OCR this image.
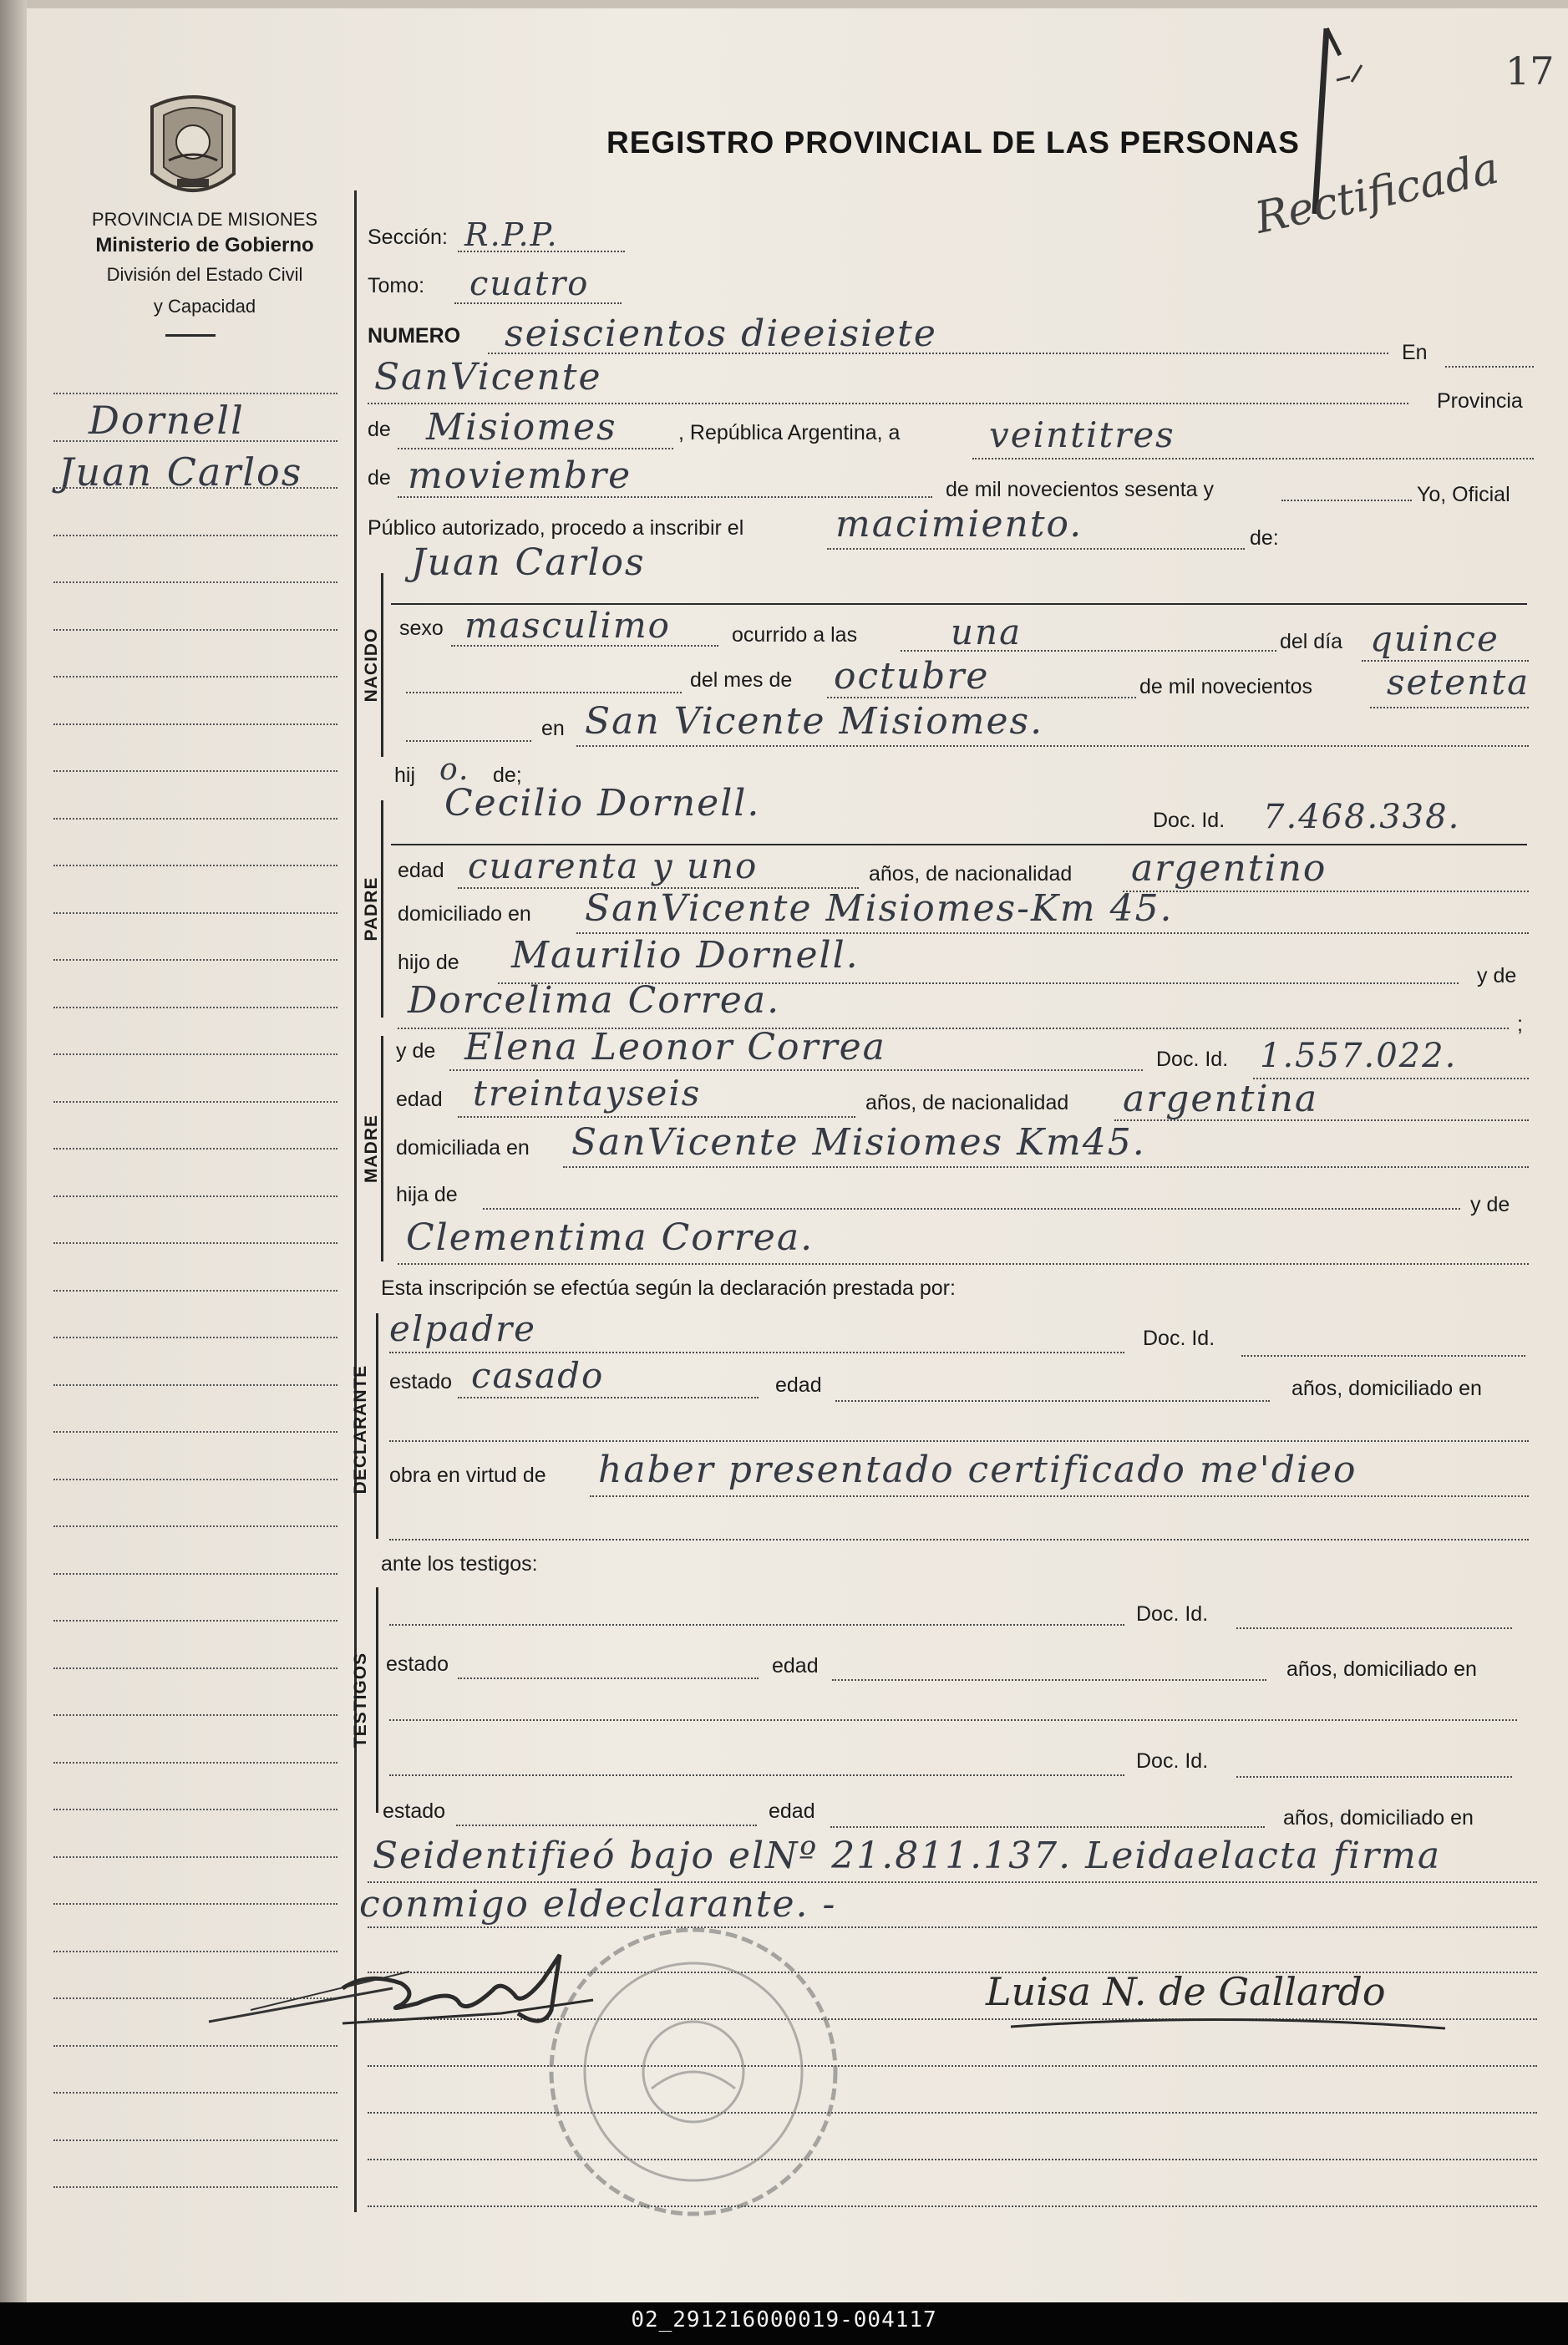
PROVINCIA DE MISIONES
Ministerio de Gobierno
División del Estado Civil
y Capacidad
Dornell
Juan Carlos
REGISTRO PROVINCIAL DE LAS PERSONAS
17
Rectificada
Sección: R.P.P.
Tomo: cuatro
NUMERO seiscientos dieeisiete	En
SanVicente
Provincia
de Misiomes	, República Argentina, a	veintitres
de moviembre	de mil novecientos sesenta y	Yo, Oficial
Público autorizado, procedo a inscribir el macimiento.	de:
NACIDO
Juan Carlos
sexo masculimo	ocurrido a las	una	del día quince
del mes de octubre	de mil novecientos setenta
en San Vicente Misiomes.
hij o. de;
PADRE
Cecilio Dornell.	Doc. Id. 7.468.338.
edad cuarenta y uno	años, de nacionalidad argentino
domiciliado en SanVicente Misiomes-Km 45.
hijo de Maurilio Dornell.	y de
Dorcelima Correa.
;
MADRE
y de Elena Leonor Correa	Doc. Id. 1.557.022.
edad treintayseis	años, de nacionalidad argentina
domiciliada en SanVicente Misiomes Km45.
hija de	y de
Clementima Correa.
Esta inscripción se efectúa según la declaración prestada por:
DECLARANTE
elpadre	Doc. Id.
estado casado	edad	años, domiciliado en
obra en virtud de haber presentado certificado me'dieo
ante los testigos:
TESTIGOS
Doc. Id.
estado	edad	años, domiciliado en
Doc. Id.
estado	edad	años, domiciliado en
Seidentifieó bajo elNº 21.811.137. Leidaelacta firma
conmigo eldeclarante. -
Luisa N. de Gallardo
02_291216000019-004117
